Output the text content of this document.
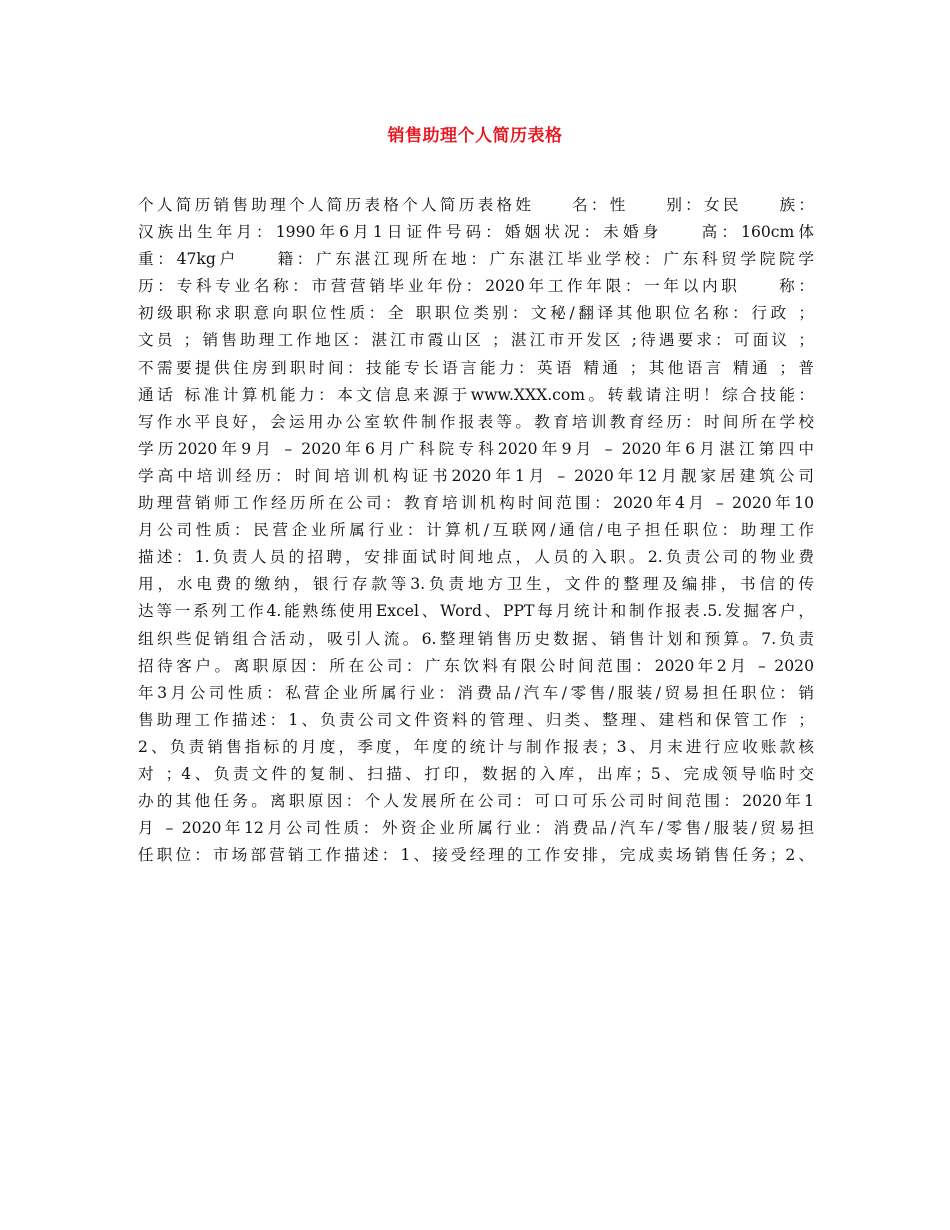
销售助理个人简历表格
个人简历销售助理个人简历表格个人简历表格姓　　名：性　　别：女民　　族：
汉族出生年月：1990年6月1日证件号码：婚姻状况：未婚身　　高：160cm体
重：47kg户　　籍：广东湛江现所在地：广东湛江毕业学校：广东科贸学院院学
历：专科专业名称：市营营销毕业年份：2020年工作年限：一年以内职　　称：
初级职称求职意向职位性质：全 职职位类别：文秘/翻译其他职位名称：行政 ；
文员 ；销售助理工作地区：湛江市霞山区 ；湛江市开发区 ;待遇要求：可面议 ；
不需要提供住房到职时间：技能专长语言能力：英语 精通 ；其他语言 精通 ；普
通话 标准计算机能力：本文信息来源于www.XXX.com。转载请注明！综合技能：
写作水平良好，会运用办公室软件制作报表等。教育培训教育经历：时间所在学校
学历2020年9月 – 2020年6月广科院专科2020年9月 – 2020年6月湛江第四中
学高中培训经历：时间培训机构证书2020年1月 – 2020年12月靓家居建筑公司
助理营销师工作经历所在公司：教育培训机构时间范围：2020年4月 – 2020年10
月公司性质：民营企业所属行业：计算机/互联网/通信/电子担任职位：助理工作
描述：1.负责人员的招聘，安排面试时间地点，人员的入职。2.负责公司的物业费
用，水电费的缴纳，银行存款等3.负责地方卫生，文件的整理及编排，书信的传
达等一系列工作4.能熟练使用Excel、Word、PPT每月统计和制作报表.5.发掘客户，
组织些促销组合活动，吸引人流。6.整理销售历史数据、销售计划和预算。7.负责
招待客户。离职原因：所在公司：广东饮料有限公时间范围：2020年2月 – 2020
年3月公司性质：私营企业所属行业：消费品/汽车/零售/服装/贸易担任职位：销
售助理工作描述：1、负责公司文件资料的管理、归类、整理、建档和保管工作 ；
2、负责销售指标的月度，季度，年度的统计与制作报表；3、月末进行应收账款核
对 ；4、负责文件的复制、扫描、打印，数据的入库，出库；5、完成领导临时交
办的其他任务。离职原因：个人发展所在公司：可口可乐公司时间范围：2020年1
月 – 2020年12月公司性质：外资企业所属行业：消费品/汽车/零售/服装/贸易担
任职位：市场部营销工作描述：1、接受经理的工作安排，完成卖场销售任务；2、
